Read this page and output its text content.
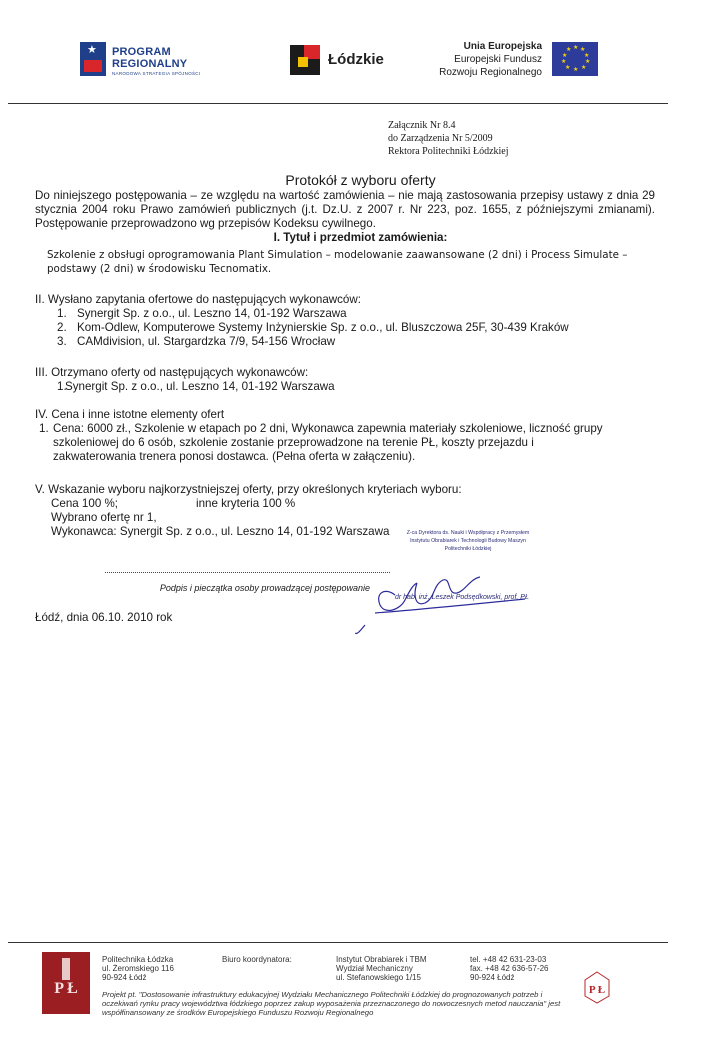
★ PROGRAM
REGIONALNY
NARODOWA STRATEGIA SPÓJNOŚCI
Łódzkie
Unia Europejska
Europejski Fundusz
Rozwoju Regionalnego
★ ★
★
★
★
★
★
★
★
★
Załącznik Nr 8.4
do Zarządzenia Nr 5/2009
Rektora Politechniki Łódzkiej
Protokół z wyboru oferty
Do niniejszego postępowania – ze względu na wartość zamówienia – nie mają zastosowania przepisy ustawy z dnia 29 stycznia 2004 roku Prawo zamówień publicznych (j.t. Dz.U. z 2007 r. Nr 223, poz. 1655, z późniejszymi zmianami). Postępowanie przeprowadzono wg przepisów Kodeksu cywilnego.
I. Tytuł i przedmiot zamówienia:
Szkolenie z obsługi oprogramowania Plant Simulation – modelowanie zaawansowane (2 dni) i Process Simulate – podstawy (2 dni) w środowisku Tecnomatix.
II. Wysłano zapytania ofertowe do następujących wykonawców:
1. Synergit Sp. z o.o., ul. Leszno 14, 01-192 Warszawa
2. Kom-Odlew, Komputerowe Systemy Inżynierskie Sp. z o.o., ul. Bluszczowa 25F, 30-439 Kraków
3. CAMdivision, ul. Stargardzka 7/9, 54-156 Wrocław
III. Otrzymano oferty od następujących wykonawców:
1.
Synergit Sp. z o.o., ul. Leszno 14, 01-192 Warszawa
IV. Cena i inne istotne elementy ofert
1. Cena: 6000 zł., Szkolenie w etapach po 2 dni, Wykonawca zapewnia materiały szkoleniowe, liczność grupy szkoleniowej do 6 osób, szkolenie zostanie przeprowadzone na terenie PŁ, koszty przejazdu i zakwaterowania trenera ponosi dostawca. (Pełna oferta w załączeniu).
V. Wskazanie wyboru najkorzystniejszej oferty, przy określonych kryteriach wyboru:
Cena 100 %;	inne kryteria 100 %
Wybrano ofertę nr 1,
Wykonawca: Synergit Sp. z o.o., ul. Leszno 14, 01-192 Warszawa	Z-ca Dyrektora ds. Nauki i Współpracy z Przemysłem
Instytutu Obrabiarek i Technologii Budowy Maszyn
Politechniki Łódzkiej
Podpis i pieczątka osoby prowadzącej postępowanie
dr hab. inż. Leszek Podsędkowski, prof. PŁ
Łódź, dnia 06.10. 2010 rok
P Ł
Politechnika Łódzka
ul. Żeromskiego 116
90-924 Łódź
Biuro koordynatora:	Instytut Obrabiarek i TBM
Wydział Mechaniczny
ul. Stefanowskiego 1/15
tel. +48 42 631-23-03
fax. +48 42 636-57-26
90-924 Łódź
Projekt pt. "Dostosowanie infrastruktury edukacyjnej Wydziału Mechanicznego Politechniki Łódzkiej do prognozowanych potrzeb i oczekiwań rynku pracy województwa łódzkiego poprzez zakup wyposażenia przeznaczonego do nowoczesnych metod nauczania" jest współfinansowany ze środków Europejskiego Funduszu Rozwoju Regionalnego
P Ł
